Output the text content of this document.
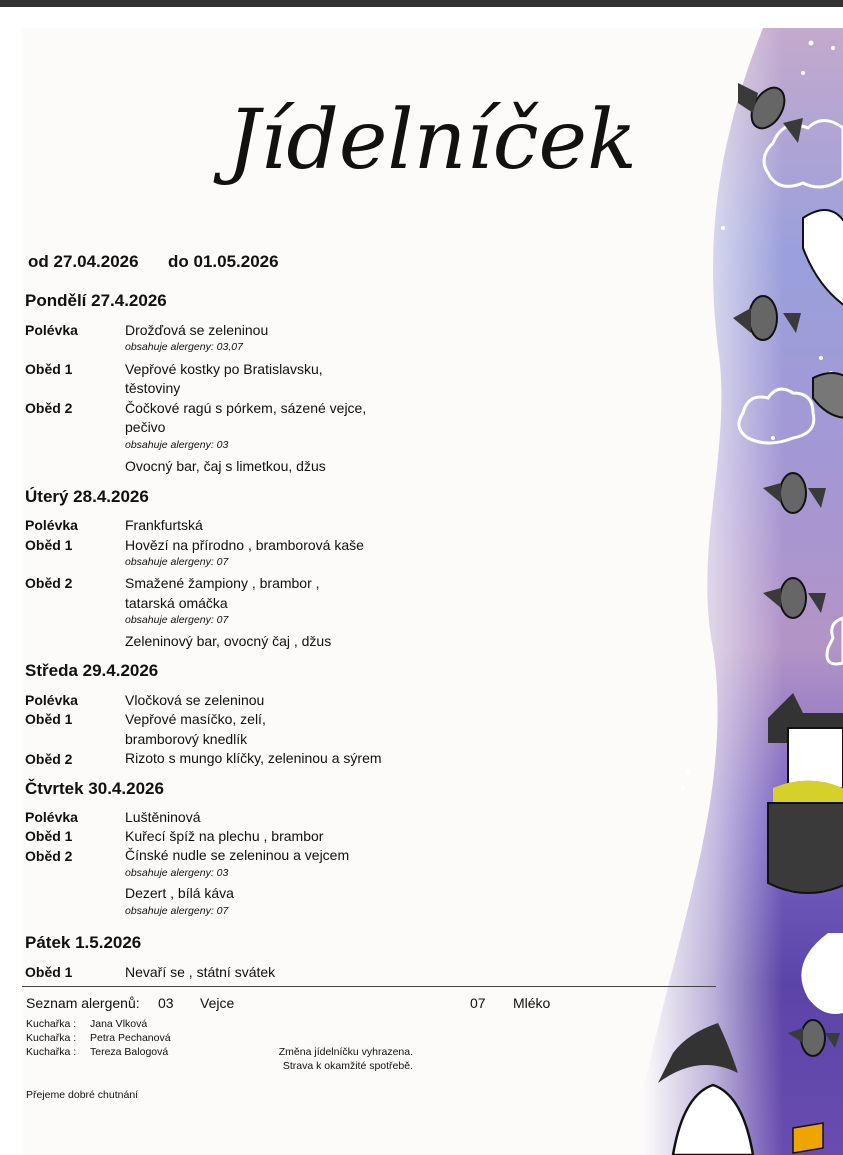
Jídelníček
od 27.04.2026 do 01.05.2026
Pondělí 27.4.2026
Polévka	Drožďová se zeleninou
obsahuje alergeny: 03,07
Oběd 1	Vepřové kostky po Bratislavsku,
těstoviny
Oběd 2	Čočkové ragú s pórkem, sázené vejce,
pečivo
obsahuje alergeny: 03
Ovocný bar, čaj s limetkou, džus
Úterý 28.4.2026
Polévka	Frankfurtská
Oběd 1	Hovězí na přírodno , bramborová kaše
obsahuje alergeny: 07
Oběd 2	Smažené žampiony , brambor ,
tatarská omáčka
obsahuje alergeny: 07
Zeleninový bar, ovocný čaj , džus
Středa 29.4.2026
Polévka	Vločková se zeleninou
Oběd 1	Vepřové masíčko, zelí,
bramborový knedlík
Oběd 2	Rizoto s mungo klíčky, zeleninou a sýrem
Čtvrtek 30.4.2026
Polévka	Luštěninová
Oběd 1	Kuřecí špíž na plechu , brambor
Oběd 2	Čínské nudle se zeleninou a vejcem
obsahuje alergeny: 03
Dezert , bílá káva
obsahuje alergeny: 07
Pátek 1.5.2026
Oběd 1	Nevaří se , státní svátek
Seznam alergenů: 03 Vejce	07 Mléko
Kuchařka : Jana Vlková
Kuchařka : Petra Pechanová
Kuchařka : Tereza Balogová	Změna jídelníčku vyhrazena.
Strava k okamžité spotřebě.
Přejeme dobré chutnání
